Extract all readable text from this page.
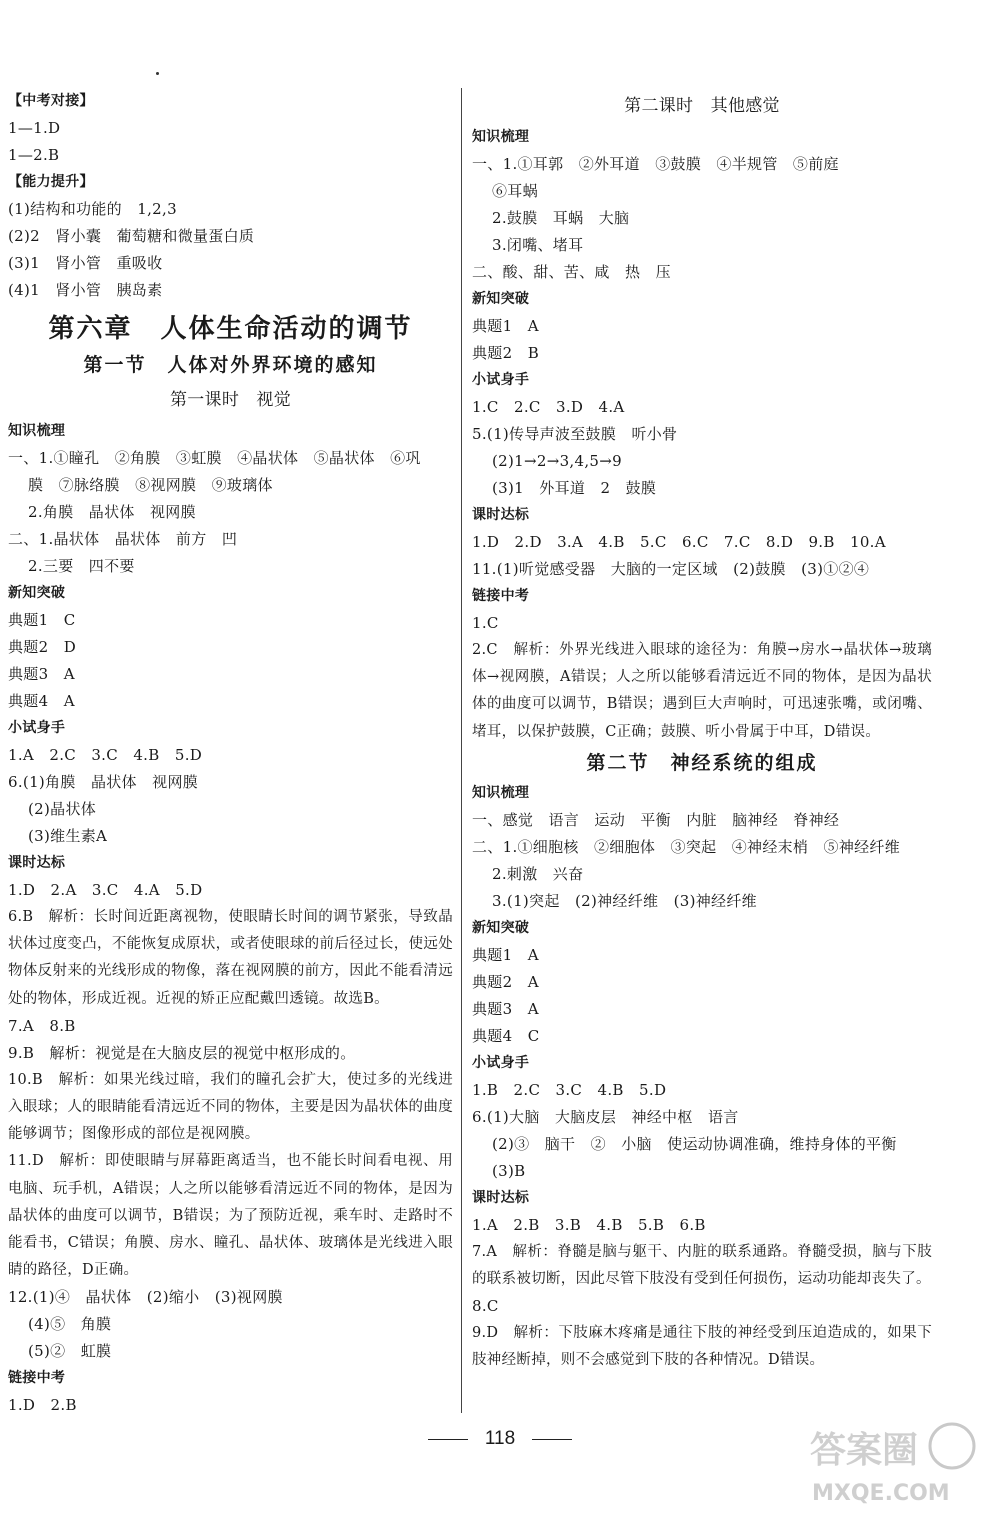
【中考对接】
1—1.D
1—2.B
【能力提升】
(1)结构和功能的　1,2,3
(2)2　肾小囊　葡萄糖和微量蛋白质
(3)1　肾小管　重吸收
(4)1　肾小管　胰岛素
第六章　人体生命活动的调节
第一节　人体对外界环境的感知
第一课时　视觉
知识梳理
一、1.①瞳孔　②角膜　③虹膜　④晶状体　⑤晶状体　⑥巩
膜　⑦脉络膜　⑧视网膜　⑨玻璃体
2.角膜　晶状体　视网膜
二、1.晶状体　晶状体　前方　凹
2.三要　四不要
新知突破
典题1　C
典题2　D
典题3　A
典题4　A
小试身手
1.A　2.C　3.C　4.B　5.D
6.(1)角膜　晶状体　视网膜
(2)晶状体
(3)维生素A
课时达标
1.D　2.A　3.C　4.A　5.D
6.B　解析：长时间近距离视物，使眼睛长时间的调节紧张，导致晶状体过度变凸，不能恢复成原状，或者使眼球的前后径过长，使远处物体反射来的光线形成的物像，落在视网膜的前方，因此不能看清远处的物体，形成近视。近视的矫正应配戴凹透镜。故选B。
7.A　8.B
9.B　解析：视觉是在大脑皮层的视觉中枢形成的。
10.B　解析：如果光线过暗，我们的瞳孔会扩大，使过多的光线进入眼球；人的眼睛能看清远近不同的物体，主要是因为晶状体的曲度能够调节；图像形成的部位是视网膜。
11.D　解析：即使眼睛与屏幕距离适当，也不能长时间看电视、用电脑、玩手机，A错误；人之所以能够看清远近不同的物体，是因为晶状体的曲度可以调节，B错误；为了预防近视，乘车时、走路时不能看书，C错误；角膜、房水、瞳孔、晶状体、玻璃体是光线进入眼睛的路径，D正确。
12.(1)④　晶状体　(2)缩小　(3)视网膜
(4)⑤　角膜
(5)②　虹膜
链接中考
1.D　2.B
第二课时　其他感觉
知识梳理
一、1.①耳郭　②外耳道　③鼓膜　④半规管　⑤前庭
⑥耳蜗
2.鼓膜　耳蜗　大脑
3.闭嘴、堵耳
二、酸、甜、苦、咸　热　压
新知突破
典题1　A
典题2　B
小试身手
1.C　2.C　3.D　4.A
5.(1)传导声波至鼓膜　听小骨
(2)1→2→3,4,5→9
(3)1　外耳道　2　鼓膜
课时达标
1.D　2.D　3.A　4.B　5.C　6.C　7.C　8.D　9.B　10.A
11.(1)听觉感受器　大脑的一定区域　(2)鼓膜　(3)①②④
链接中考
1.C
2.C　解析：外界光线进入眼球的途径为：角膜→房水→晶状体→玻璃体→视网膜，A错误；人之所以能够看清远近不同的物体，是因为晶状体的曲度可以调节，B错误；遇到巨大声响时，可迅速张嘴，或闭嘴、堵耳，以保护鼓膜，C正确；鼓膜、听小骨属于中耳，D错误。
第二节　神经系统的组成
知识梳理
一、感觉　语言　运动　平衡　内脏　脑神经　脊神经
二、1.①细胞核　②细胞体　③突起　④神经末梢　⑤神经纤维
2.刺激　兴奋
3.(1)突起　(2)神经纤维　(3)神经纤维
新知突破
典题1　A
典题2　A
典题3　A
典题4　C
小试身手
1.B　2.C　3.C　4.B　5.D
6.(1)大脑　大脑皮层　神经中枢　语言
(2)③　脑干　②　小脑　使运动协调准确，维持身体的平衡
(3)B
课时达标
1.A　2.B　3.B　4.B　5.B　6.B
7.A　解析：脊髓是脑与躯干、内脏的联系通路。脊髓受损，脑与下肢的联系被切断，因此尽管下肢没有受到任何损伤，运动功能却丧失了。
8.C
9.D　解析：下肢麻木疼痛是通往下肢的神经受到压迫造成的，如果下肢神经断掉，则不会感觉到下肢的各种情况。D错误。
118	答案圈
MXQE.COM
